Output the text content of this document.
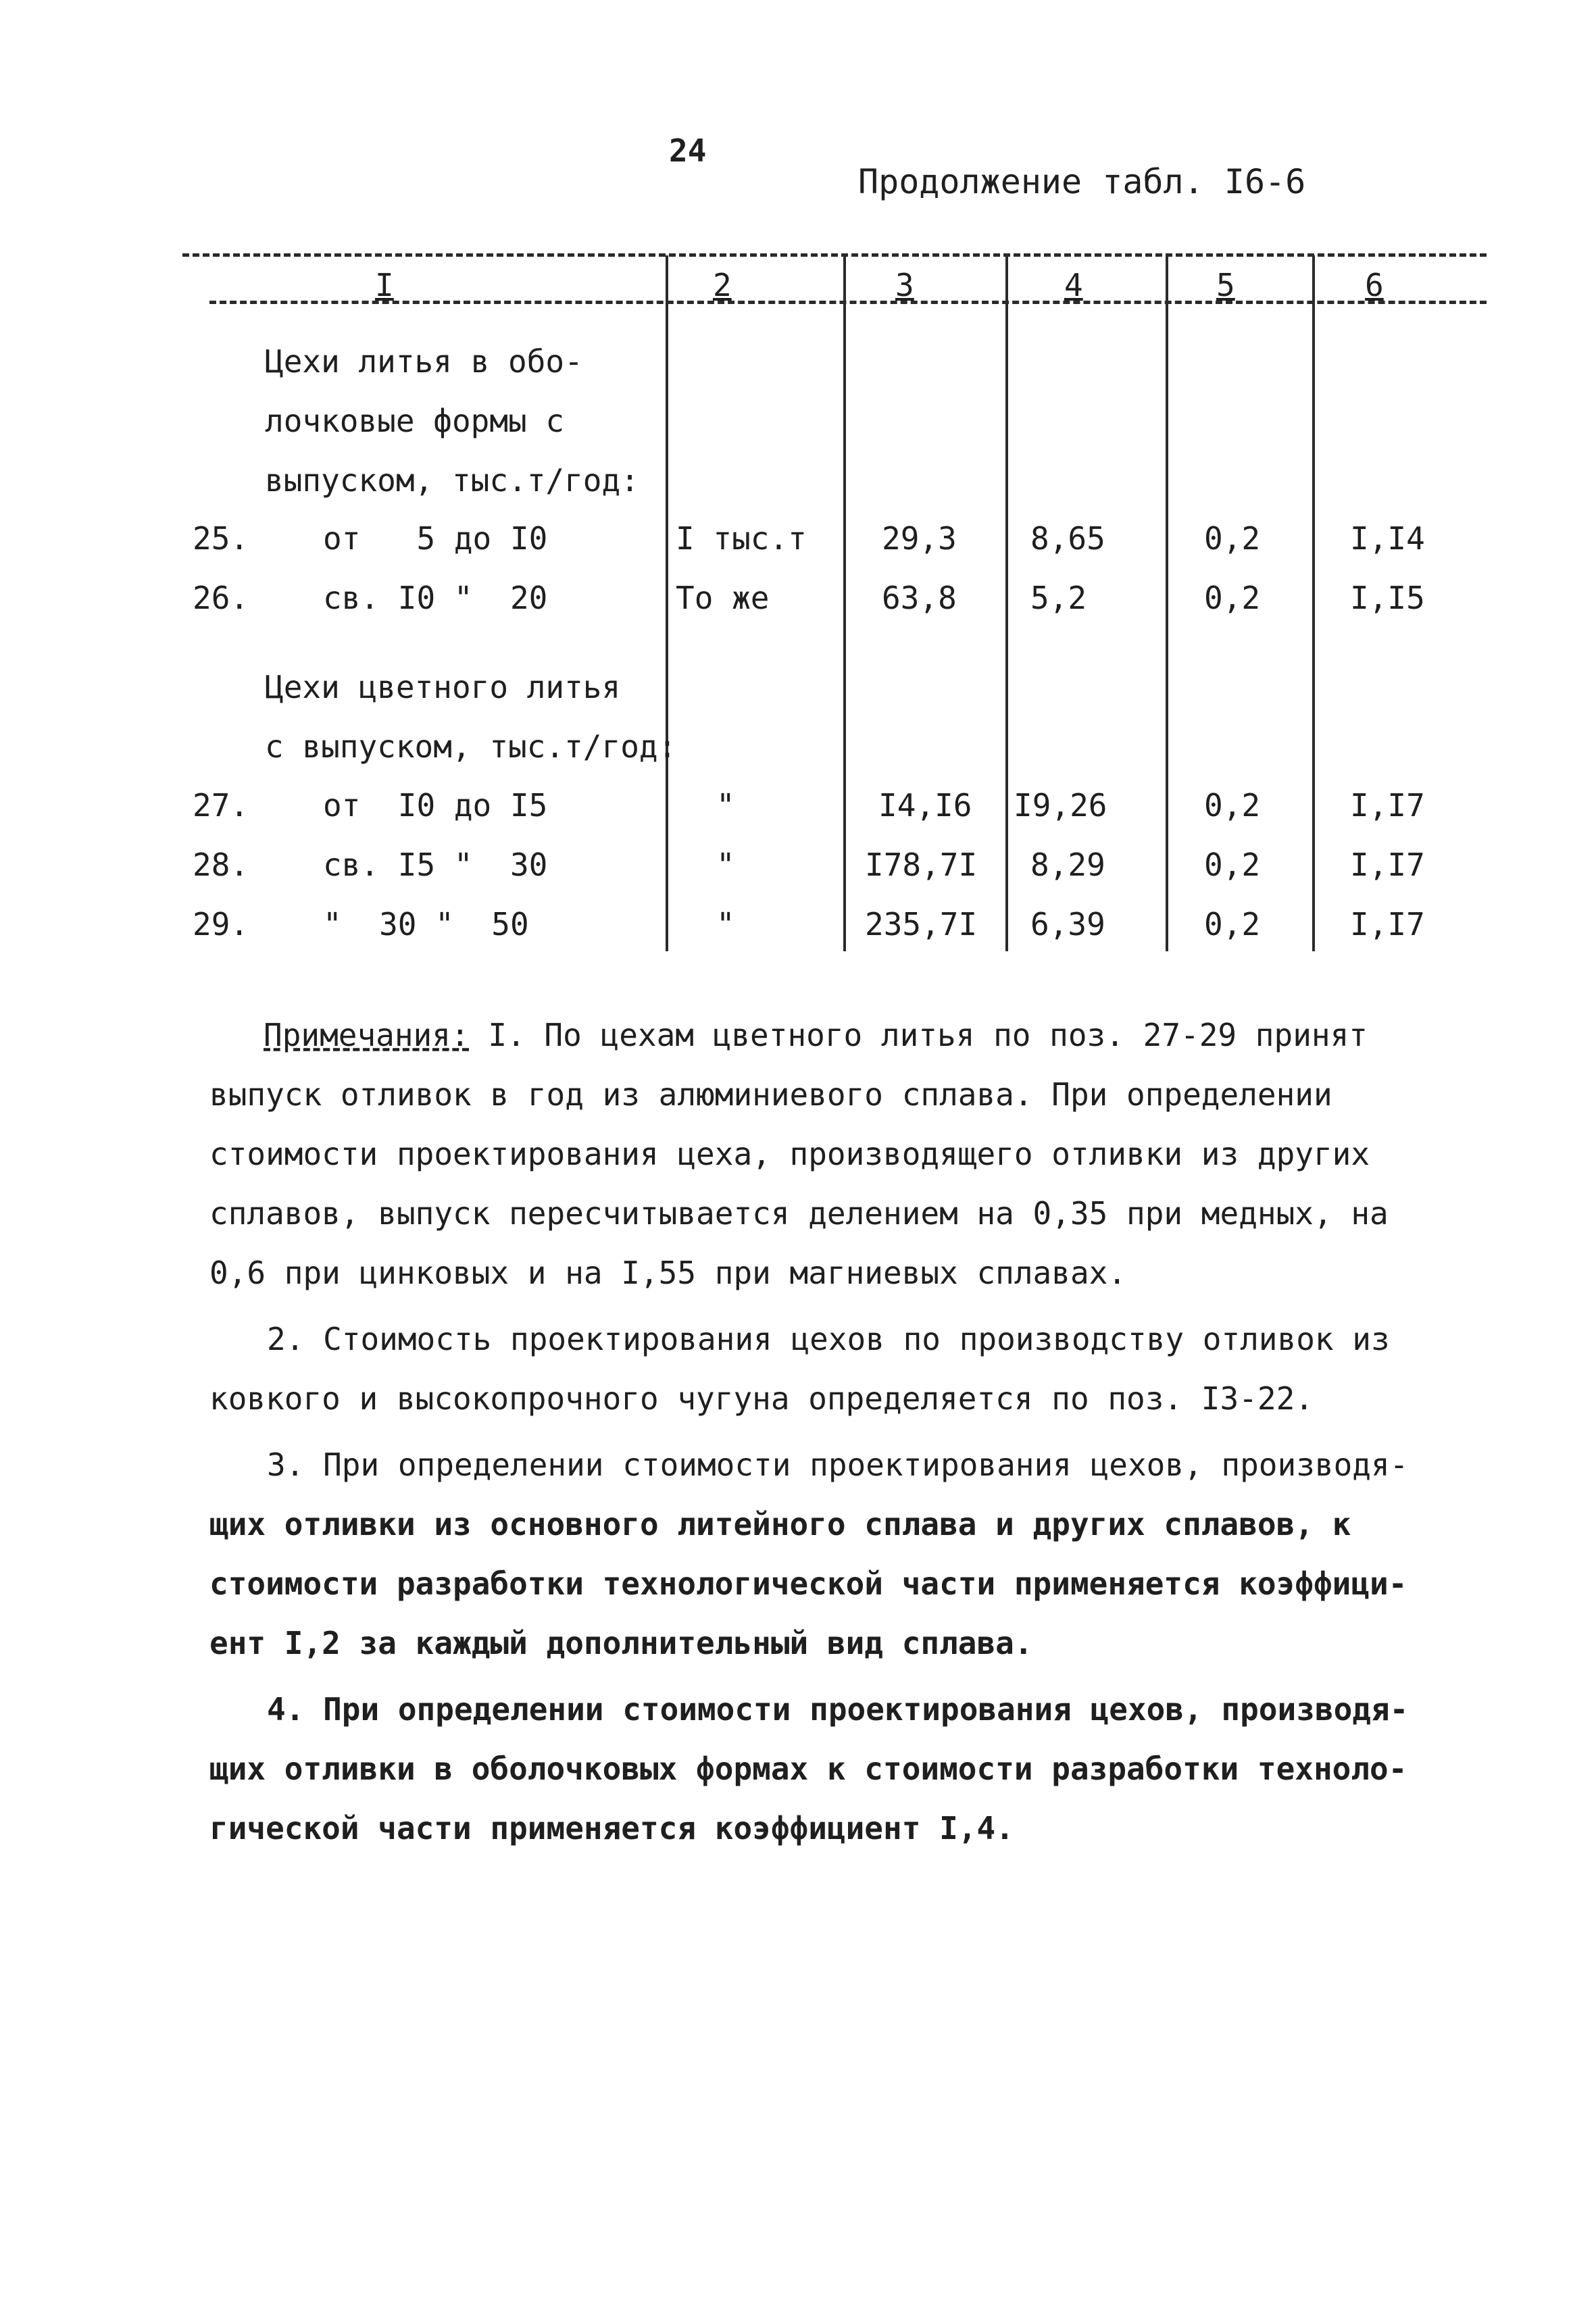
24
Продолжение табл. I6-6
I	2	3	4	5	6
Цехи литья в обо-
лочковые формы с
выпуском, тыс.т/год:
25. от   5 до I0	I тыс.т 29,3 8,65	0,2	I,I4
26. св. I0 "  20	То же	63,8 5,2	0,2	I,I5
Цехи цветного литья
с выпуском, тыс.т/год:
27. от  I0 до I5	"	I4,I6 I9,26	0,2	I,I7
28. св. I5 "  30	"	I78,7I 8,29	0,2	I,I7
29. "  30 "  50	"	235,7I 6,39	0,2	I,I7
Примечания: I. По цехам цветного литья по поз. 27-29 принят
выпуск отливок в год из алюминиевого сплава. При определении
стоимости проектирования цеха, производящего отливки из других
сплавов, выпуск пересчитывается делением на 0,35 при медных, на
0,6 при цинковых и на I,55 при магниевых сплавах.
2. Стоимость проектирования цехов по производству отливок из
ковкого и высокопрочного чугуна определяется по поз. I3-22.
3. При определении стоимости проектирования цехов, производя-
щих отливки из основного литейного сплава и других сплавов, к
стоимости разработки технологической части применяется коэффици-
ент I,2 за каждый дополнительный вид сплава.
4. При определении стоимости проектирования цехов, производя-
щих отливки в оболочковых формах к стоимости разработки техноло-
гической части применяется коэффициент I,4.
